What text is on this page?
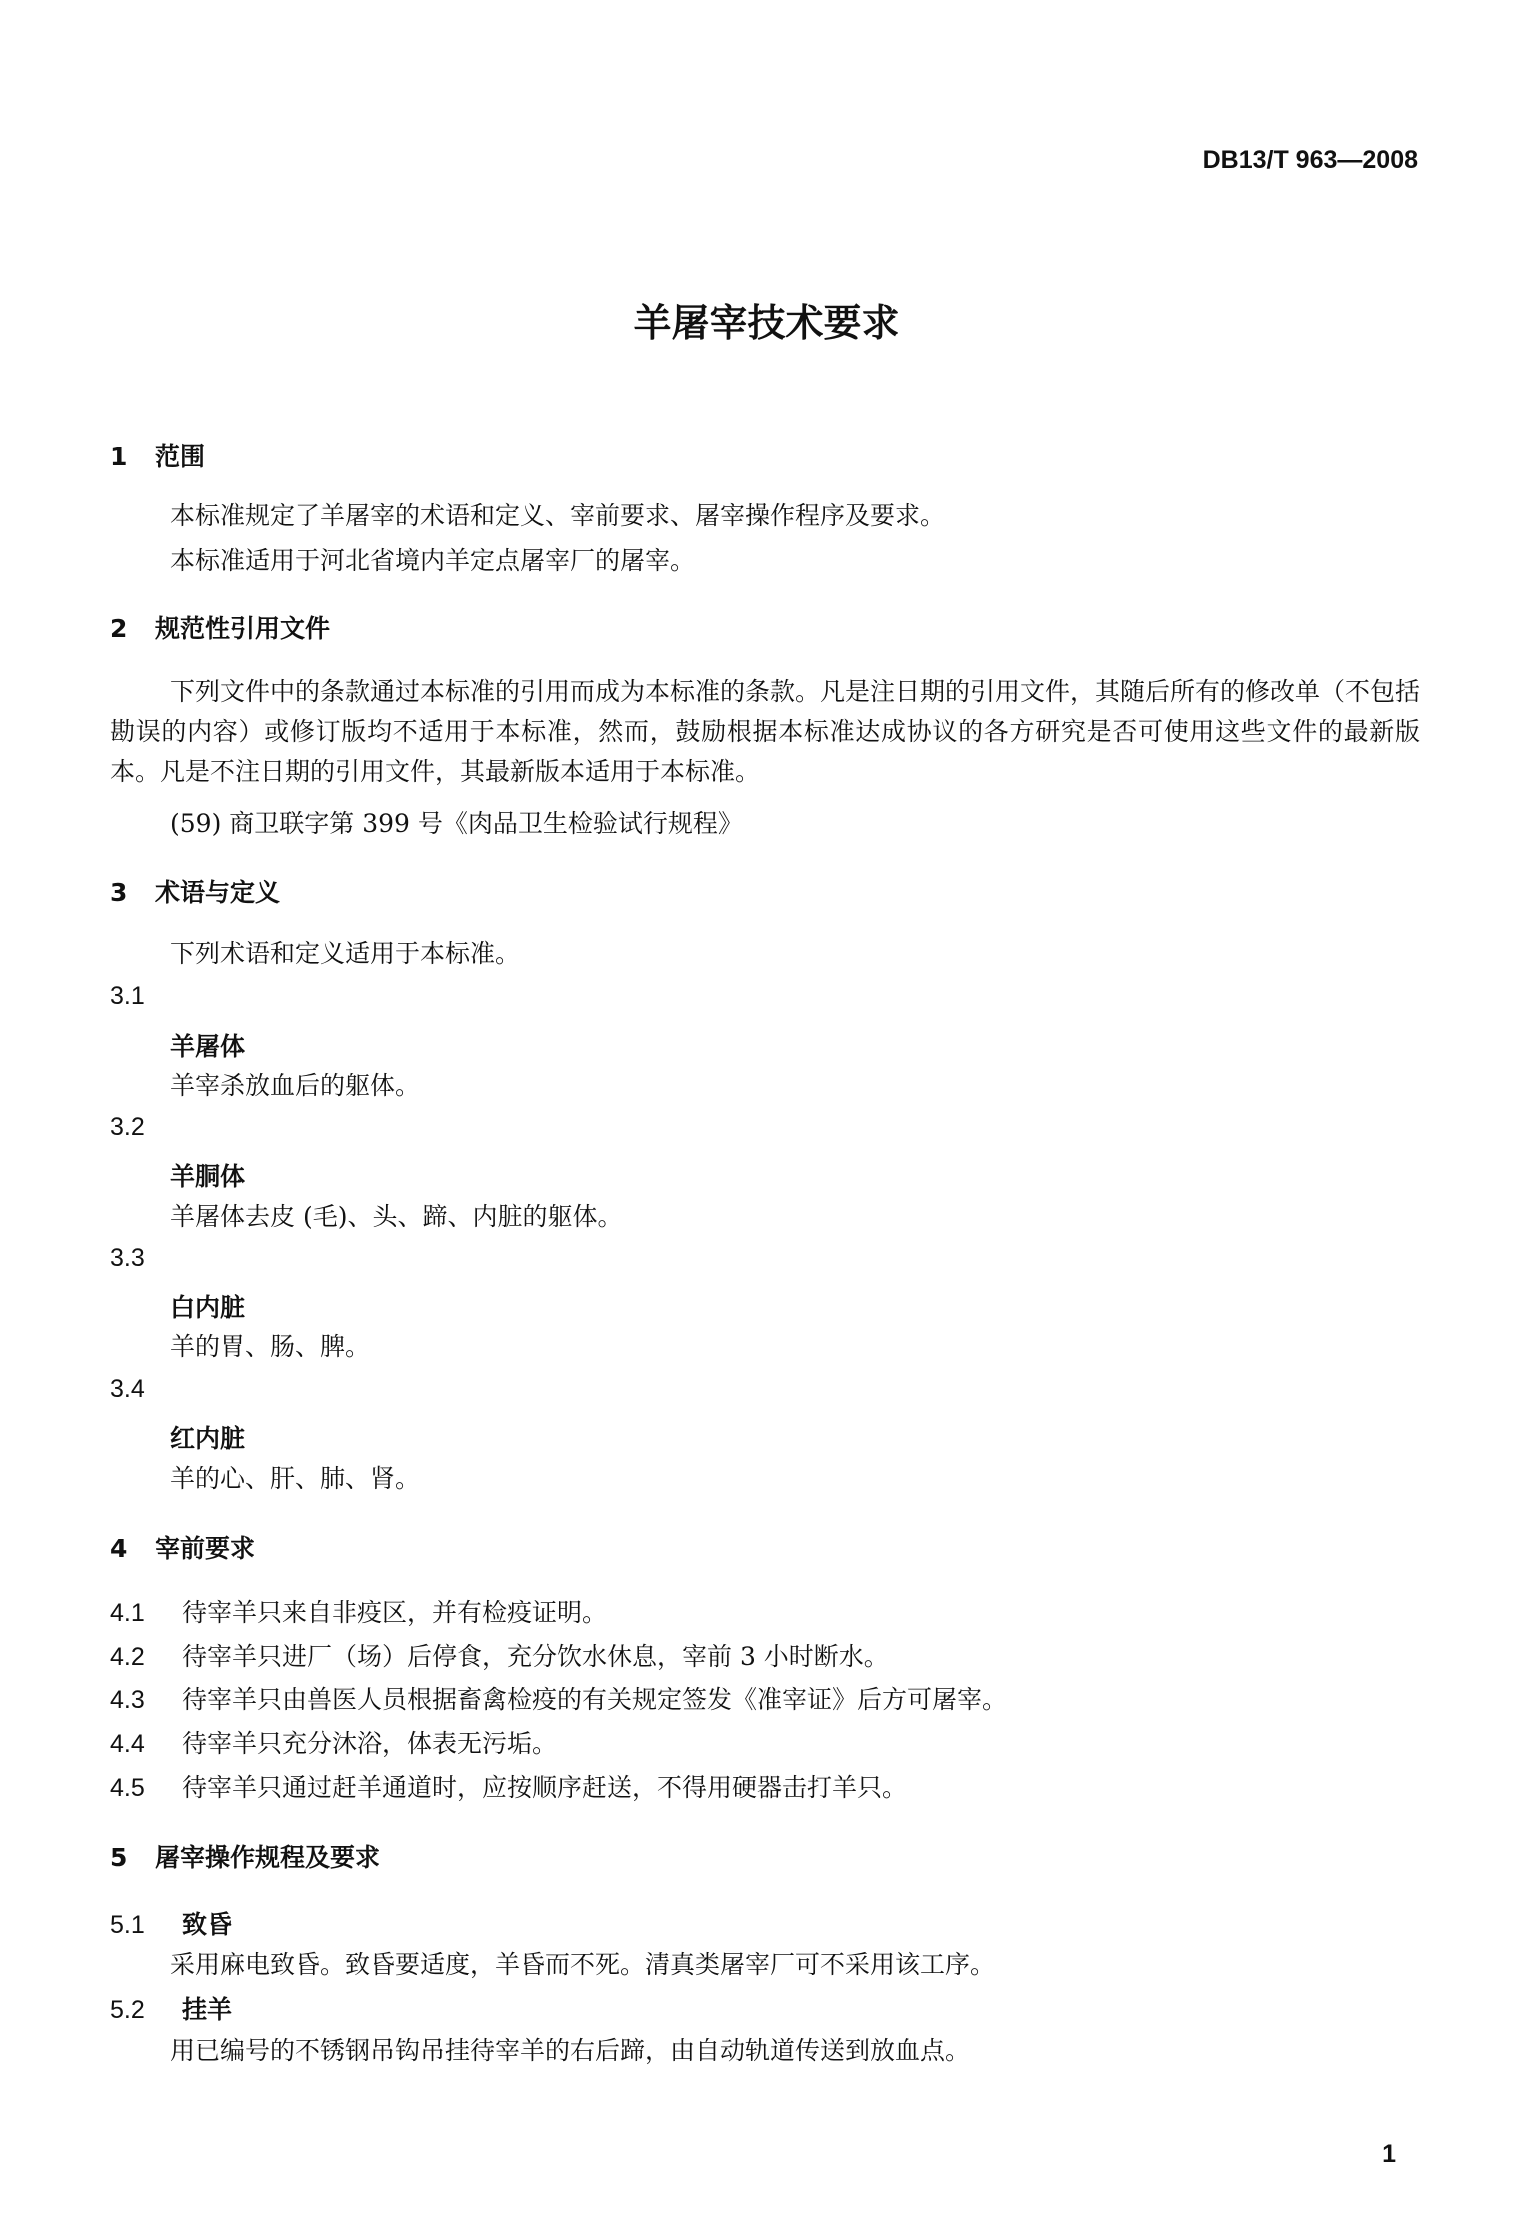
DB13/T 963—2008
羊屠宰技术要求
1 范围
本标准规定了羊屠宰的术语和定义、宰前要求、屠宰操作程序及要求。
本标准适用于河北省境内羊定点屠宰厂的屠宰。
2 规范性引用文件
下列文件中的条款通过本标准的引用而成为本标准的条款。凡是注日期的引用文件，其随后所有的修改单（不包括勘误的内容）或修订版均不适用于本标准，然而，鼓励根据本标准达成协议的各方研究是否可使用这些文件的最新版本。凡是不注日期的引用文件，其最新版本适用于本标准。
(59) 商卫联字第 399 号《肉品卫生检验试行规程》
3 术语与定义
下列术语和定义适用于本标准。
3.1
羊屠体
羊宰杀放血后的躯体。
3.2
羊胴体
羊屠体去皮 (毛)、头、蹄、内脏的躯体。
3.3
白内脏
羊的胃、肠、脾。
3.4
红内脏
羊的心、肝、肺、肾。
4 宰前要求
4.1 待宰羊只来自非疫区，并有检疫证明。
4.2 待宰羊只进厂（场）后停食，充分饮水休息，宰前 3 小时断水。
4.3 待宰羊只由兽医人员根据畜禽检疫的有关规定签发《准宰证》后方可屠宰。
4.4 待宰羊只充分沐浴，体表无污垢。
4.5 待宰羊只通过赶羊通道时，应按顺序赶送，不得用硬器击打羊只。
5 屠宰操作规程及要求
5.1 致昏
采用麻电致昏。致昏要适度，羊昏而不死。清真类屠宰厂可不采用该工序。
5.2 挂羊
用已编号的不锈钢吊钩吊挂待宰羊的右后蹄，由自动轨道传送到放血点。
1
